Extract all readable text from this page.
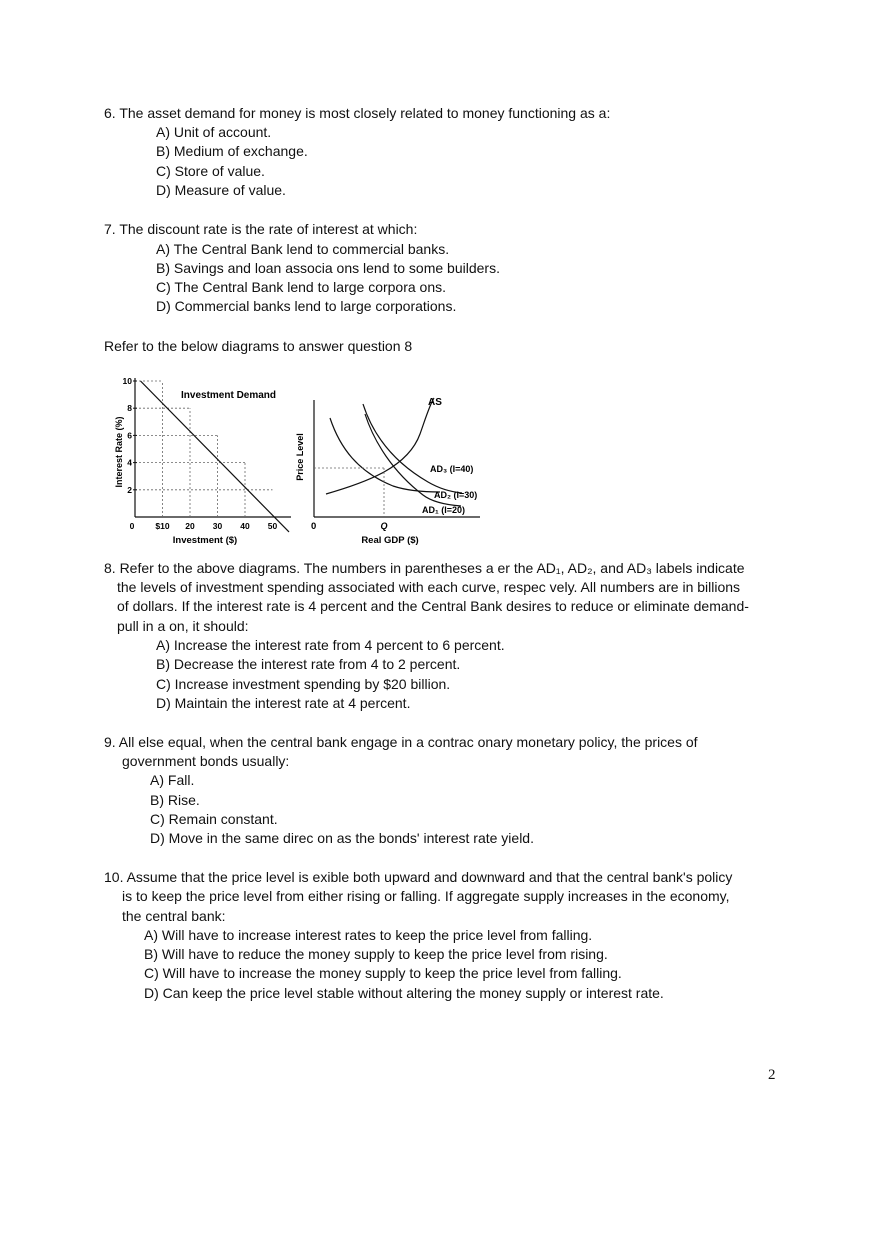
6. The asset demand for money is most closely related to money functioning as a:
A) Unit of account.
B) Medium of exchange.
C) Store of value.
D) Measure of value.
7. The discount rate is the rate of interest at which:
A) The Central Bank lend to commercial banks.
B) Savings and loan associa ons lend to some builders.
C) The Central Bank lend to large corpora ons.
D) Commercial banks lend to large corporations.
Refer to the below diagrams to answer question 8
10
8
6
4
2
0 $10 20 30 40 50
Investment Demand
Interest Rate (%)
Investment ($)
AS
AD₃ (I=40)
AD₂ (I=30)
AD₁ (I=20)
Price Level
0	Q
Real GDP ($)
8. Refer to the above diagrams. The numbers in parentheses a er the AD₁, AD₂, and AD₃ labels indicate
the levels of investment spending associated with each curve, respec vely. All numbers are in billions
of dollars. If the interest rate is 4 percent and the Central Bank desires to reduce or eliminate demand-
pull in a on, it should:
A) Increase the interest rate from 4 percent to 6 percent.
B) Decrease the interest rate from 4 to 2 percent.
C) Increase investment spending by $20 billion.
D) Maintain the interest rate at 4 percent.
9. All else equal, when the central bank engage in a contrac onary monetary policy, the prices of
government bonds usually:
A) Fall.
B) Rise.
C) Remain constant.
D) Move in the same direc on as the bonds' interest rate yield.
10. Assume that the price level is exible both upward and downward and that the central bank's policy
is to keep the price level from either rising or falling. If aggregate supply increases in the economy,
the central bank:
A) Will have to increase interest rates to keep the price level from falling.
B) Will have to reduce the money supply to keep the price level from rising.
C) Will have to increase the money supply to keep the price level from falling.
D) Can keep the price level stable without altering the money supply or interest rate.
2
